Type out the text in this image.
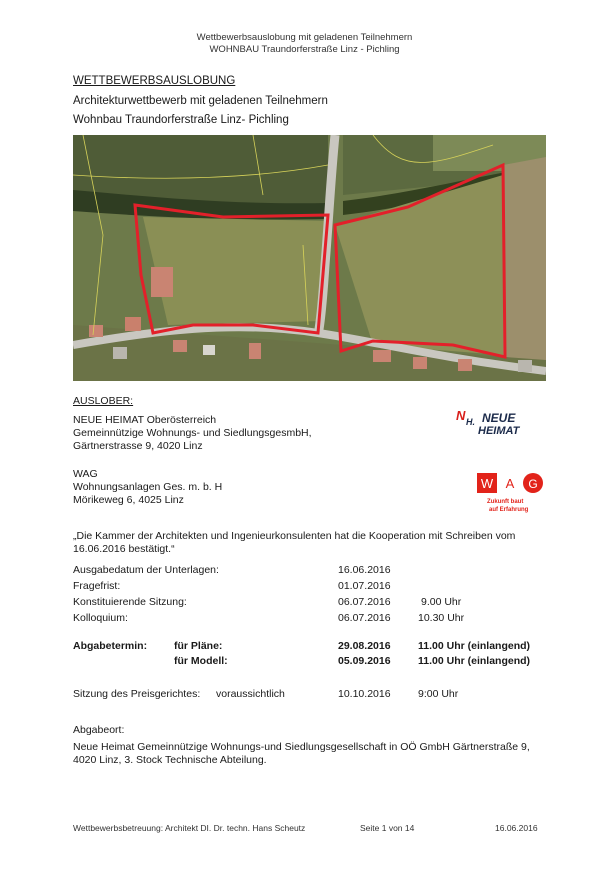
Wettbewerbsauslobung mit geladenen Teilnehmern
WOHNBAU Traundorferstraße Linz - Pichling
WETTBEWERBSAUSLOBUNG
Architekturwettbewerb mit geladenen Teilnehmern
Wohnbau Traundorferstraße Linz- Pichling
AUSLOBER:
NEUE HEIMAT Oberösterreich
Gemeinnützige Wohnungs- und SiedlungsgesmbH,
Gärtnerstrasse 9, 4020 Linz
N H. NEUE
HEIMAT
WAG
Wohnungsanlagen Ges. m. b. H
Mörikeweg 6, 4025 Linz
W A G
Zukunft baut
auf Erfahrung
„Die Kammer der Architekten und Ingenieurkonsulenten hat die Kooperation mit Schreiben vom
16.06.2016 bestätigt.“
Ausgabedatum der Unterlagen:	16.06.2016
Fragefrist:	01.07.2016
Konstituierende Sitzung:	06.07.2016	9.00 Uhr
Kolloquium:	06.07.2016	10.30 Uhr
Abgabetermin:	für Pläne:	29.08.2016	11.00 Uhr (einlangend)
für Modell:	05.09.2016	11.00 Uhr (einlangend)
Sitzung des Preisgerichtes: voraussichtlich	10.10.2016	9:00 Uhr
Abgabeort:
Neue Heimat Gemeinnützige Wohnungs-und Siedlungsgesellschaft in OÖ GmbH Gärtnerstraße 9,
4020 Linz, 3. Stock Technische Abteilung.
Wettbewerbsbetreuung: Architekt DI. Dr. techn. Hans Scheutz	Seite 1 von 14	16.06.2016
